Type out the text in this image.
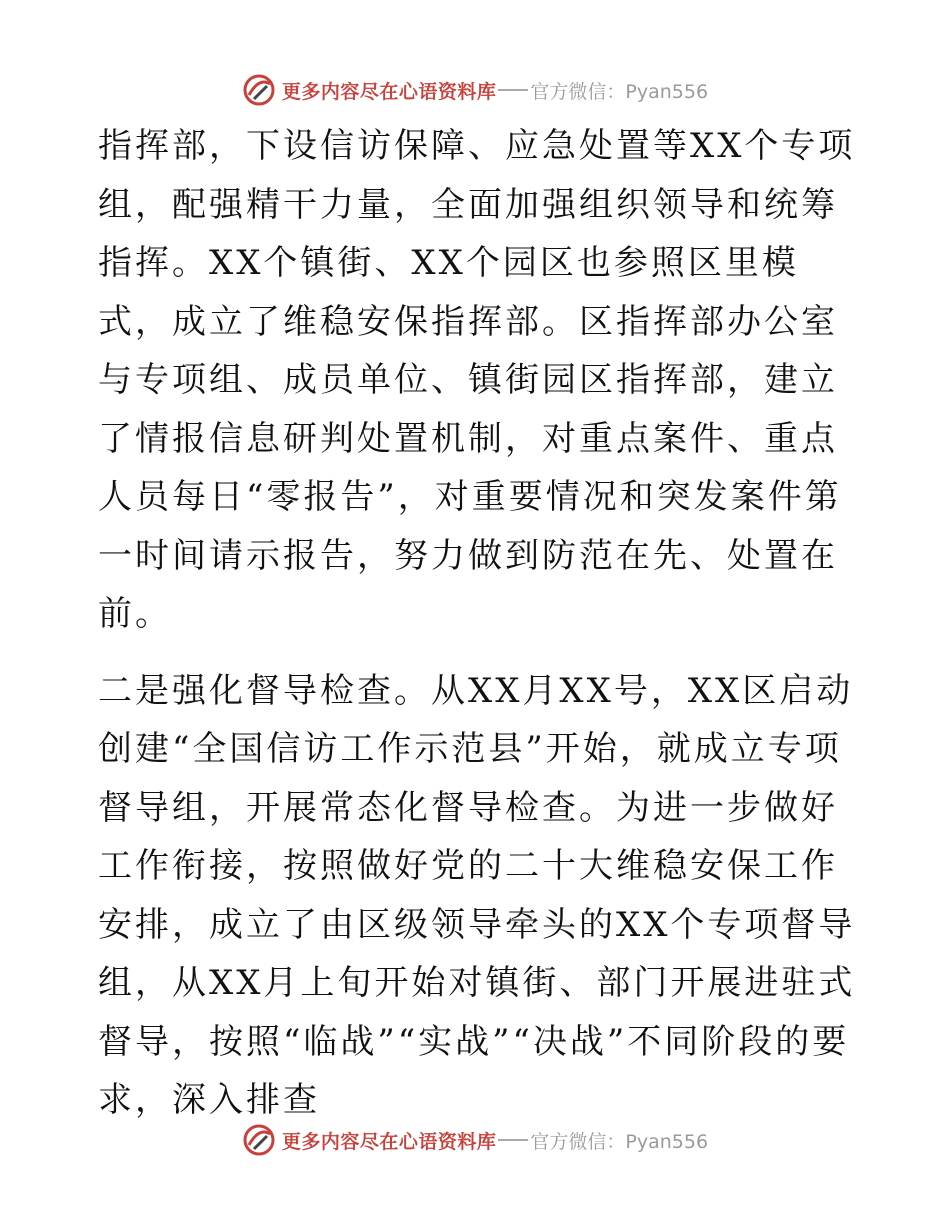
更多内容尽在心语资料库 官方微信：Pyan556

指挥部，下设信访保障、应急处置等XX个专项组，配强精干力量，全面加强组织领导和统筹指挥。XX个镇街、XX个园区也参照区里模式，成立了维稳安保指挥部。区指挥部办公室与专项组、成员单位、镇街园区指挥部，建立了情报信息研判处置机制，对重点案件、重点人员每日“零报告”，对重要情况和突发案件第一时间请示报告，努力做到防范在先、处置在前。

二是强化督导检查。从XX月XX号，XX区启动创建“全国信访工作示范县”开始，就成立专项督导组，开展常态化督导检查。为进一步做好工作衔接，按照做好党的二十大维稳安保工作安排，成立了由区级领导牵头的XX个专项督导组，从XX月上旬开始对镇街、部门开展进驻式督导，按照“临战”“实战”“决战”不同阶段的要求，深入排查

更多内容尽在心语资料库 官方微信：Pyan556
